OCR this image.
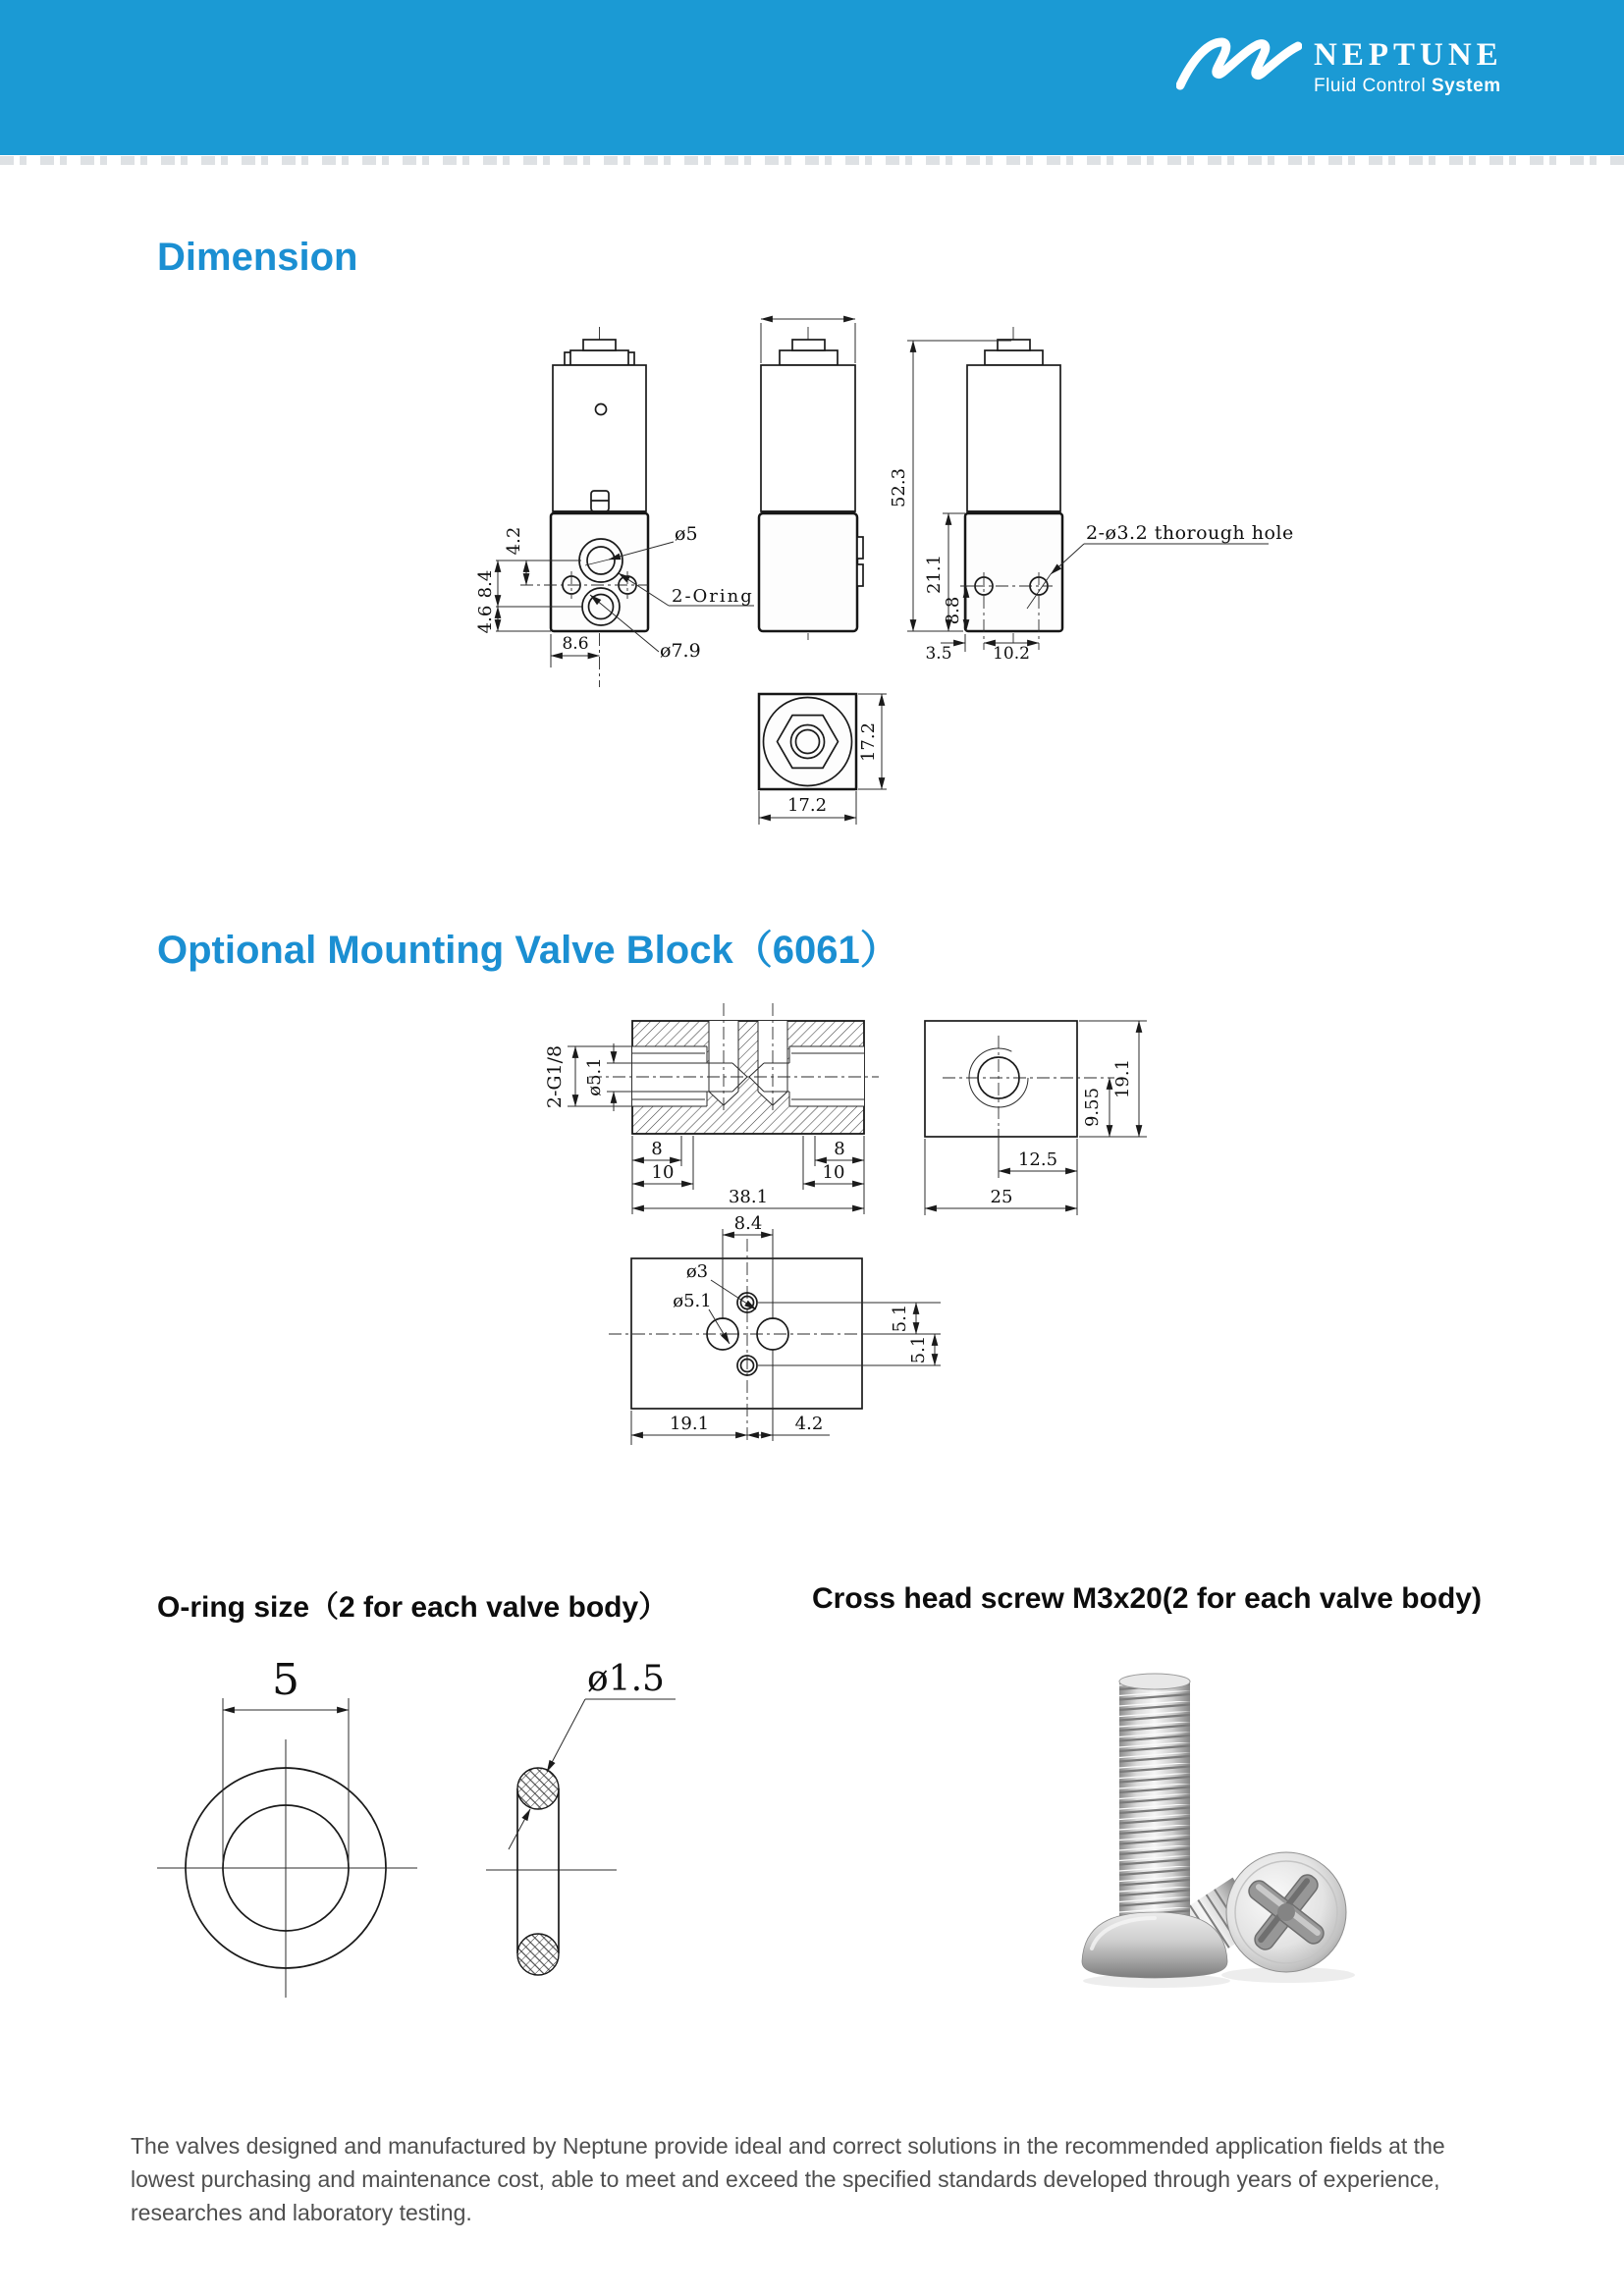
NEPTUNE
Fluid Control System
Dimension
Optional Mounting Valve Block（6061）
O-ring size（2 for each valve body）	Cross head screw M3x20(2 for each valve body)
4.2
8.4
4.6
8.6
ø5
2-Oring
ø7.9
52.3
21.1
8.8
3.5 10.2
2-ø3.2 thorough hole
17.2
17.2
2-G1/8 ø5.1
8	8
10	10
38.1
19.1
9.55
12.5
25
8.4
ø3
ø5.1
19.1	4.2
5.1
5.1
5	ø1.5

The valves designed and manufactured by Neptune provide ideal and correct solutions in the recommended application fields at the lowest purchasing and maintenance cost, able to meet and exceed the specified standards developed through years of experience, researches and laboratory testing.
